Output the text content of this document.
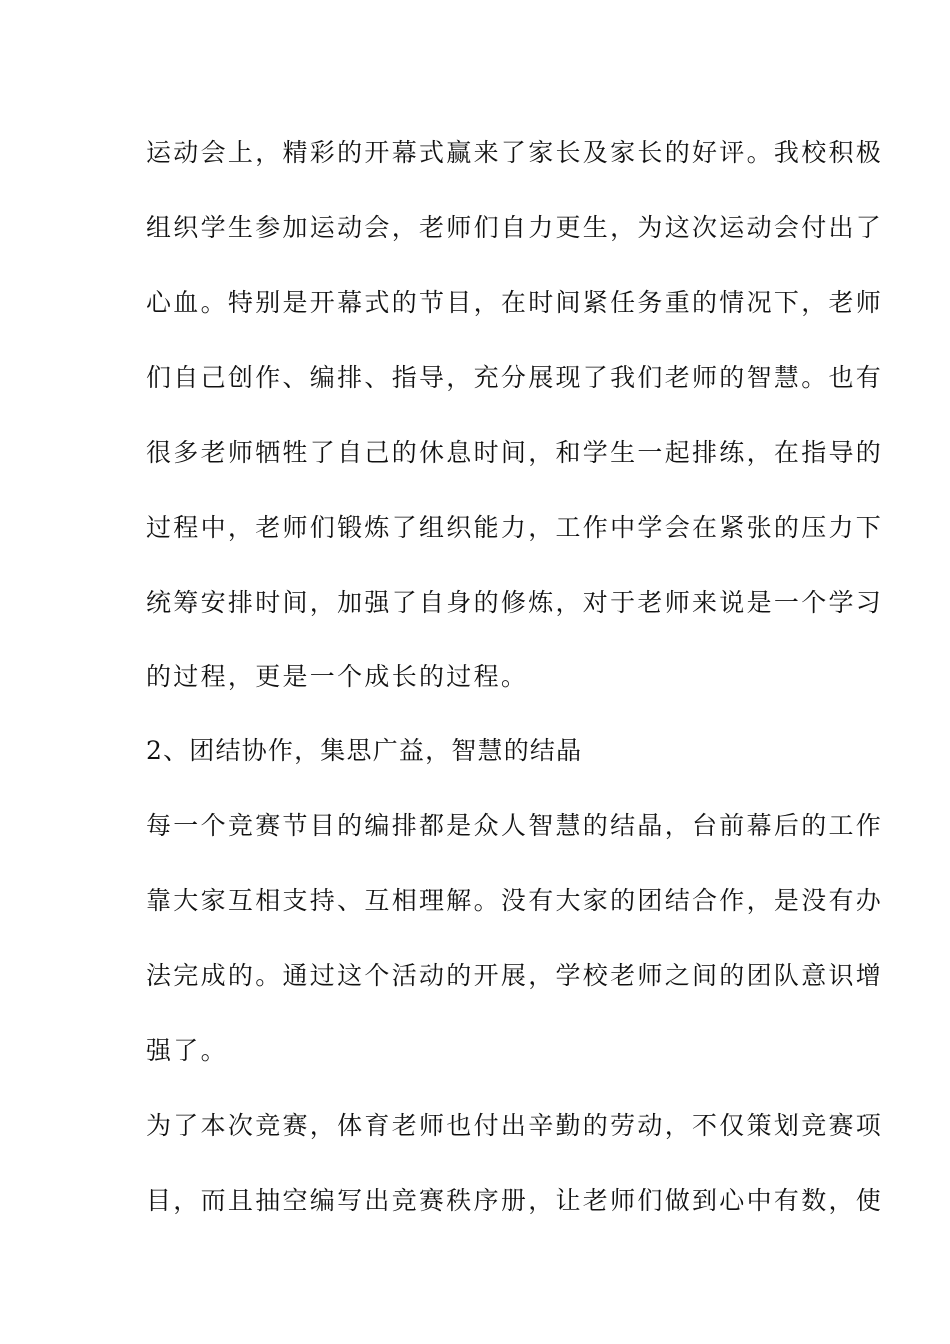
运动会上，精彩的开幕式赢来了家长及家长的好评。我校积极
组织学生参加运动会，老师们自力更生，为这次运动会付出了
心血。特别是开幕式的节目，在时间紧任务重的情况下，老师
们自己创作、编排、指导，充分展现了我们老师的智慧。也有
很多老师牺牲了自己的休息时间，和学生一起排练，在指导的
过程中，老师们锻炼了组织能力，工作中学会在紧张的压力下
统筹安排时间，加强了自身的修炼，对于老师来说是一个学习
的过程，更是一个成长的过程。
2、团结协作，集思广益，智慧的结晶
每一个竞赛节目的编排都是众人智慧的结晶，台前幕后的工作
靠大家互相支持、互相理解。没有大家的团结合作，是没有办
法完成的。通过这个活动的开展，学校老师之间的团队意识增
强了。
为了本次竞赛，体育老师也付出辛勤的劳动，不仅策划竞赛项
目，而且抽空编写出竞赛秩序册，让老师们做到心中有数，使
